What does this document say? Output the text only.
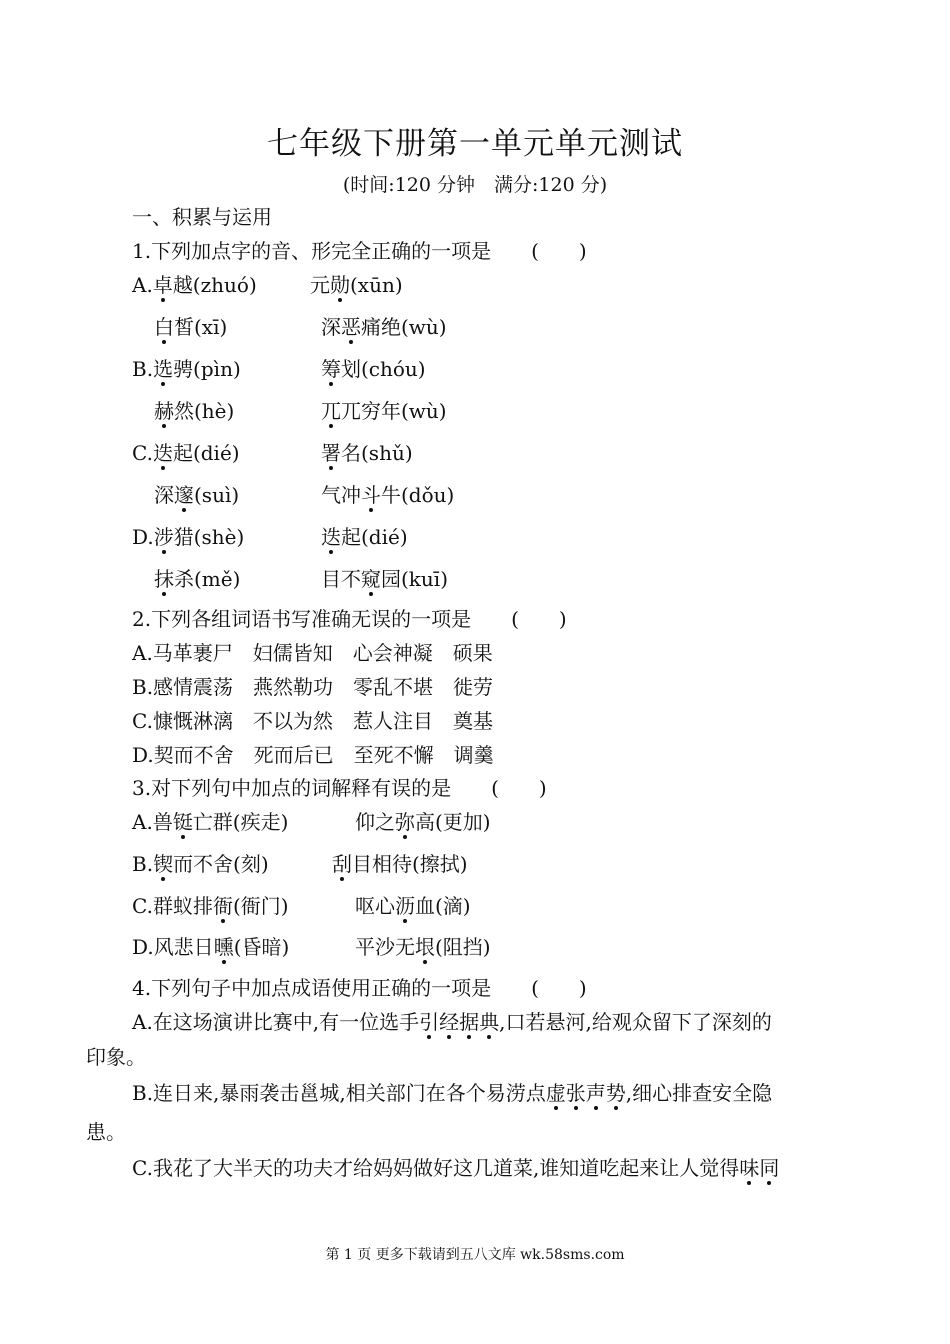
七年级下册第一单元单元测试
(时间:120 分钟　满分:120 分)
一、积累与运用
1.下列加点字的音、形完全正确的一项是 (　　)
A.卓越(zhuó)	元勋(xūn)
白皙(xī)	深恶痛绝(wù)
B.选骋(pìn)	筹划(chóu)
赫然(hè)	兀兀穷年(wù)
C.迭起(dié)	署名(shǔ)
深邃(suì)	气冲斗牛(dǒu)
D.涉猎(shè)	迭起(dié)
抹杀(mě)	目不窥园(kuī)
2.下列各组词语书写准确无误的一项是 (　　)
A.马革裹尸　妇儒皆知　心会神凝　硕果
B.感情震荡　燕然勒功　零乱不堪　徙劳
C.慷慨淋漓　不以为然　惹人注目　奠基
D.契而不舍　死而后已　至死不懈　调羹
3.对下列句中加点的词解释有误的是 (　　)
A.兽铤亡群(疾走)	仰之弥高(更加)
B.锲而不舍(刻)	刮目相待(擦拭)
C.群蚁排衙(衙门)	呕心沥血(滴)
D.风悲日曛(昏暗)	平沙无垠(阻挡)
4.下列句子中加点成语使用正确的一项是 (　　)
A.在这场演讲比赛中,有一位选手引经据典,口若悬河,给观众留下了深刻的
印象。
B.连日来,暴雨袭击邕城,相关部门在各个易涝点虚张声势,细心排查安全隐
患。
C.我花了大半天的功夫才给妈妈做好这几道菜,谁知道吃起来让人觉得味同
第 1 页 更多下载请到五八文库 wk.58sms.com
